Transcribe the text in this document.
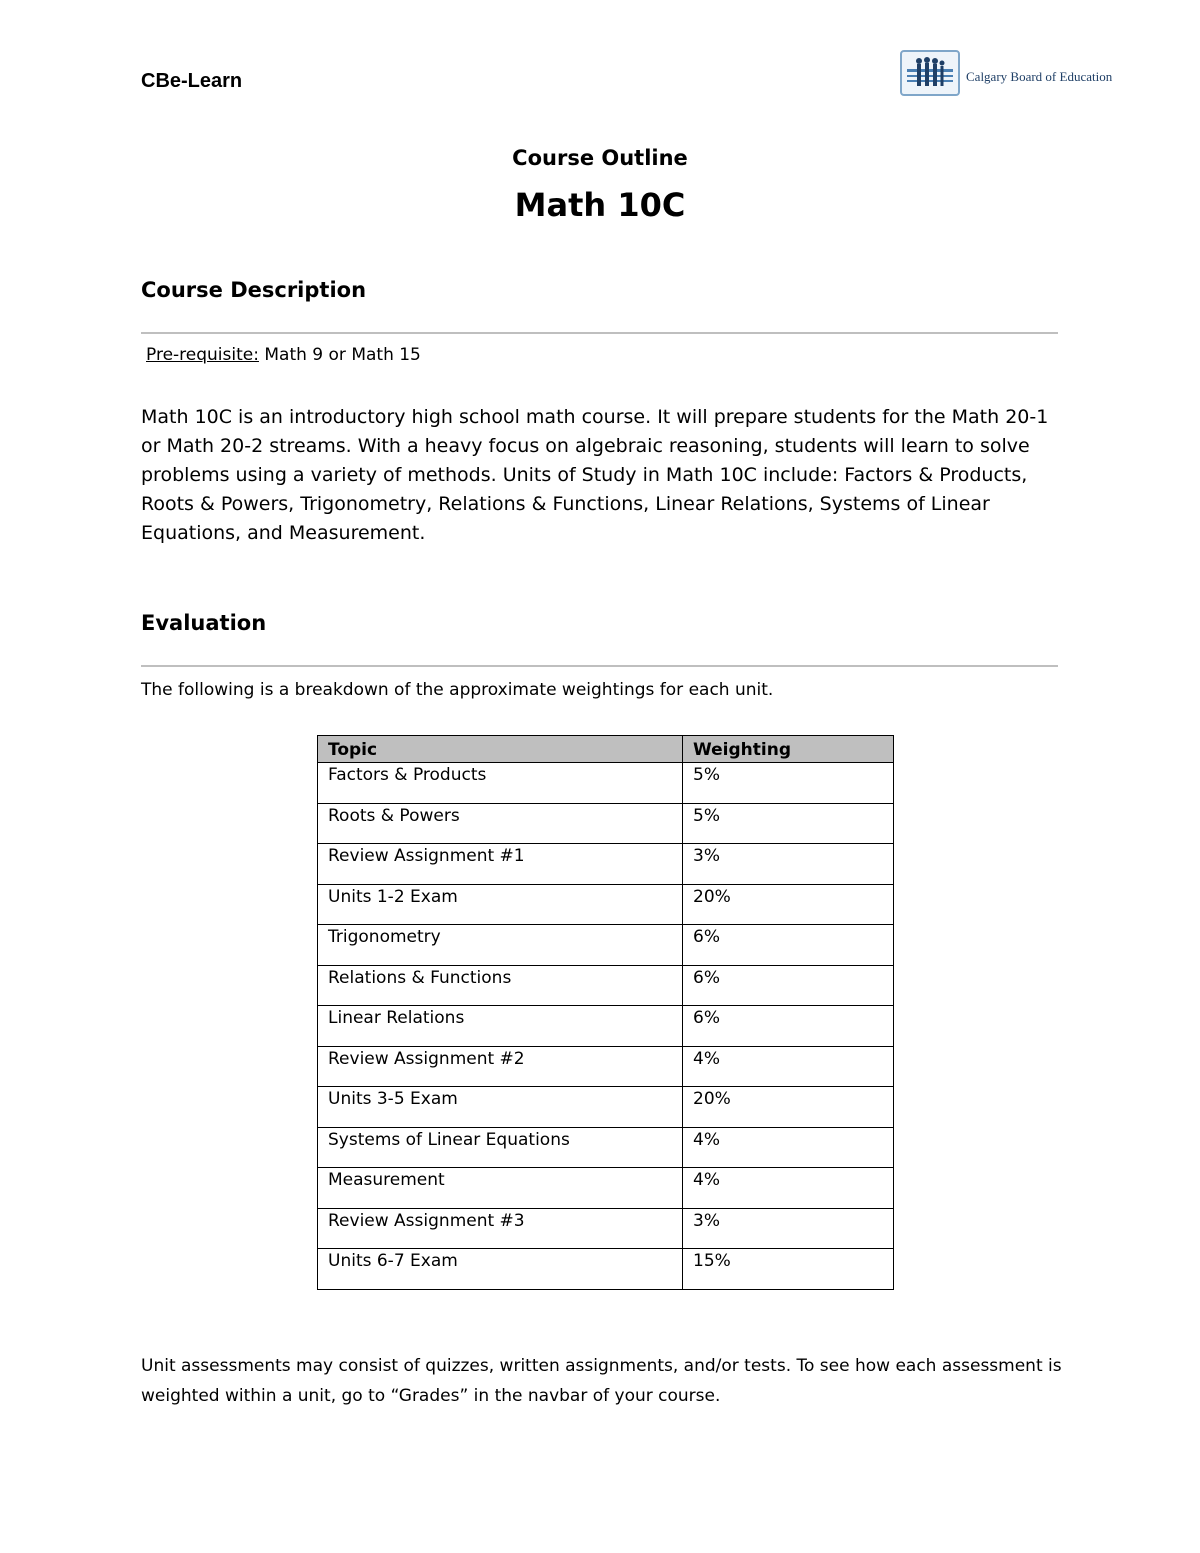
CBe-Learn	Calgary Board of Education
Course Outline
Math 10C
Course Description
Pre-requisite: Math 9 or Math 15
Math 10C is an introductory high school math course. It will prepare students for the Math 20-1 or Math 20-2 streams. With a heavy focus on algebraic reasoning, students will learn to solve problems using a variety of methods. Units of Study in Math 10C include: Factors & Products, Roots & Powers, Trigonometry, Relations & Functions, Linear Relations, Systems of Linear Equations, and Measurement.
Evaluation
The following is a breakdown of the approximate weightings for each unit.
Topic	Weighting
Factors & Products	5%
Roots & Powers	5%
Review Assignment #1	3%
Units 1-2 Exam	20%
Trigonometry	6%
Relations & Functions	6%
Linear Relations	6%
Review Assignment #2	4%
Units 3-5 Exam	20%
Systems of Linear Equations	4%
Measurement	4%
Review Assignment #3	3%
Units 6-7 Exam	15%
Unit assessments may consist of quizzes, written assignments, and/or tests. To see how each assessment is weighted within a unit, go to “Grades” in the navbar of your course.
